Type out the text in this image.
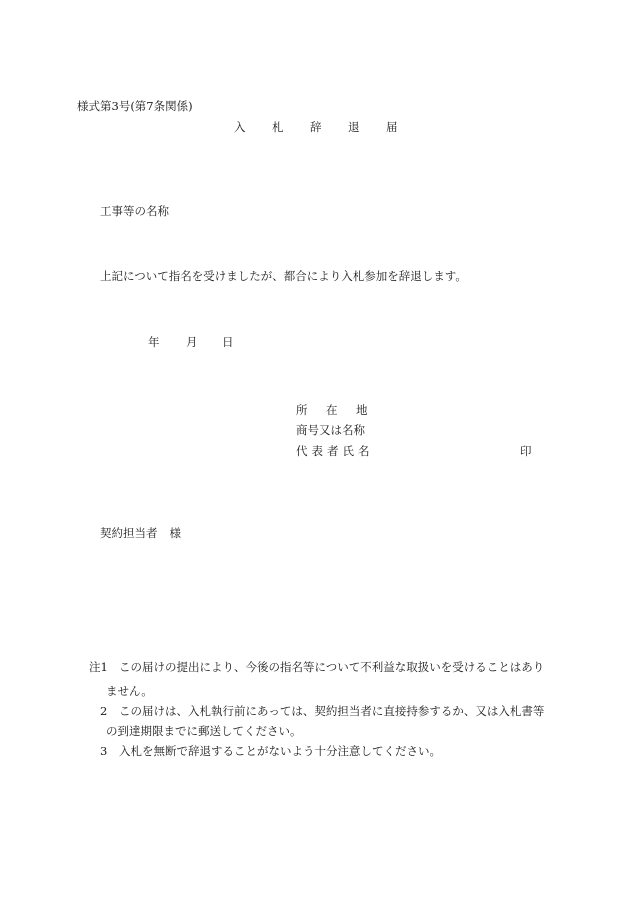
様式第3号(第7条関係)
入 札 辞 退 届
工事等の名称
上記について指名を受けましたが、都合により入札参加を辞退します。
年 月 日
所 在 地
商号又は名称
代 表 者 氏 名	印
契約担当者 様
注1 この届けの提出により、今後の指名等について不利益な取扱いを受けることはあり
ません。
2 この届けは、入札執行前にあっては、契約担当者に直接持参するか、又は入札書等
の到達期限までに郵送してください。
3 入札を無断で辞退することがないよう十分注意してください。
